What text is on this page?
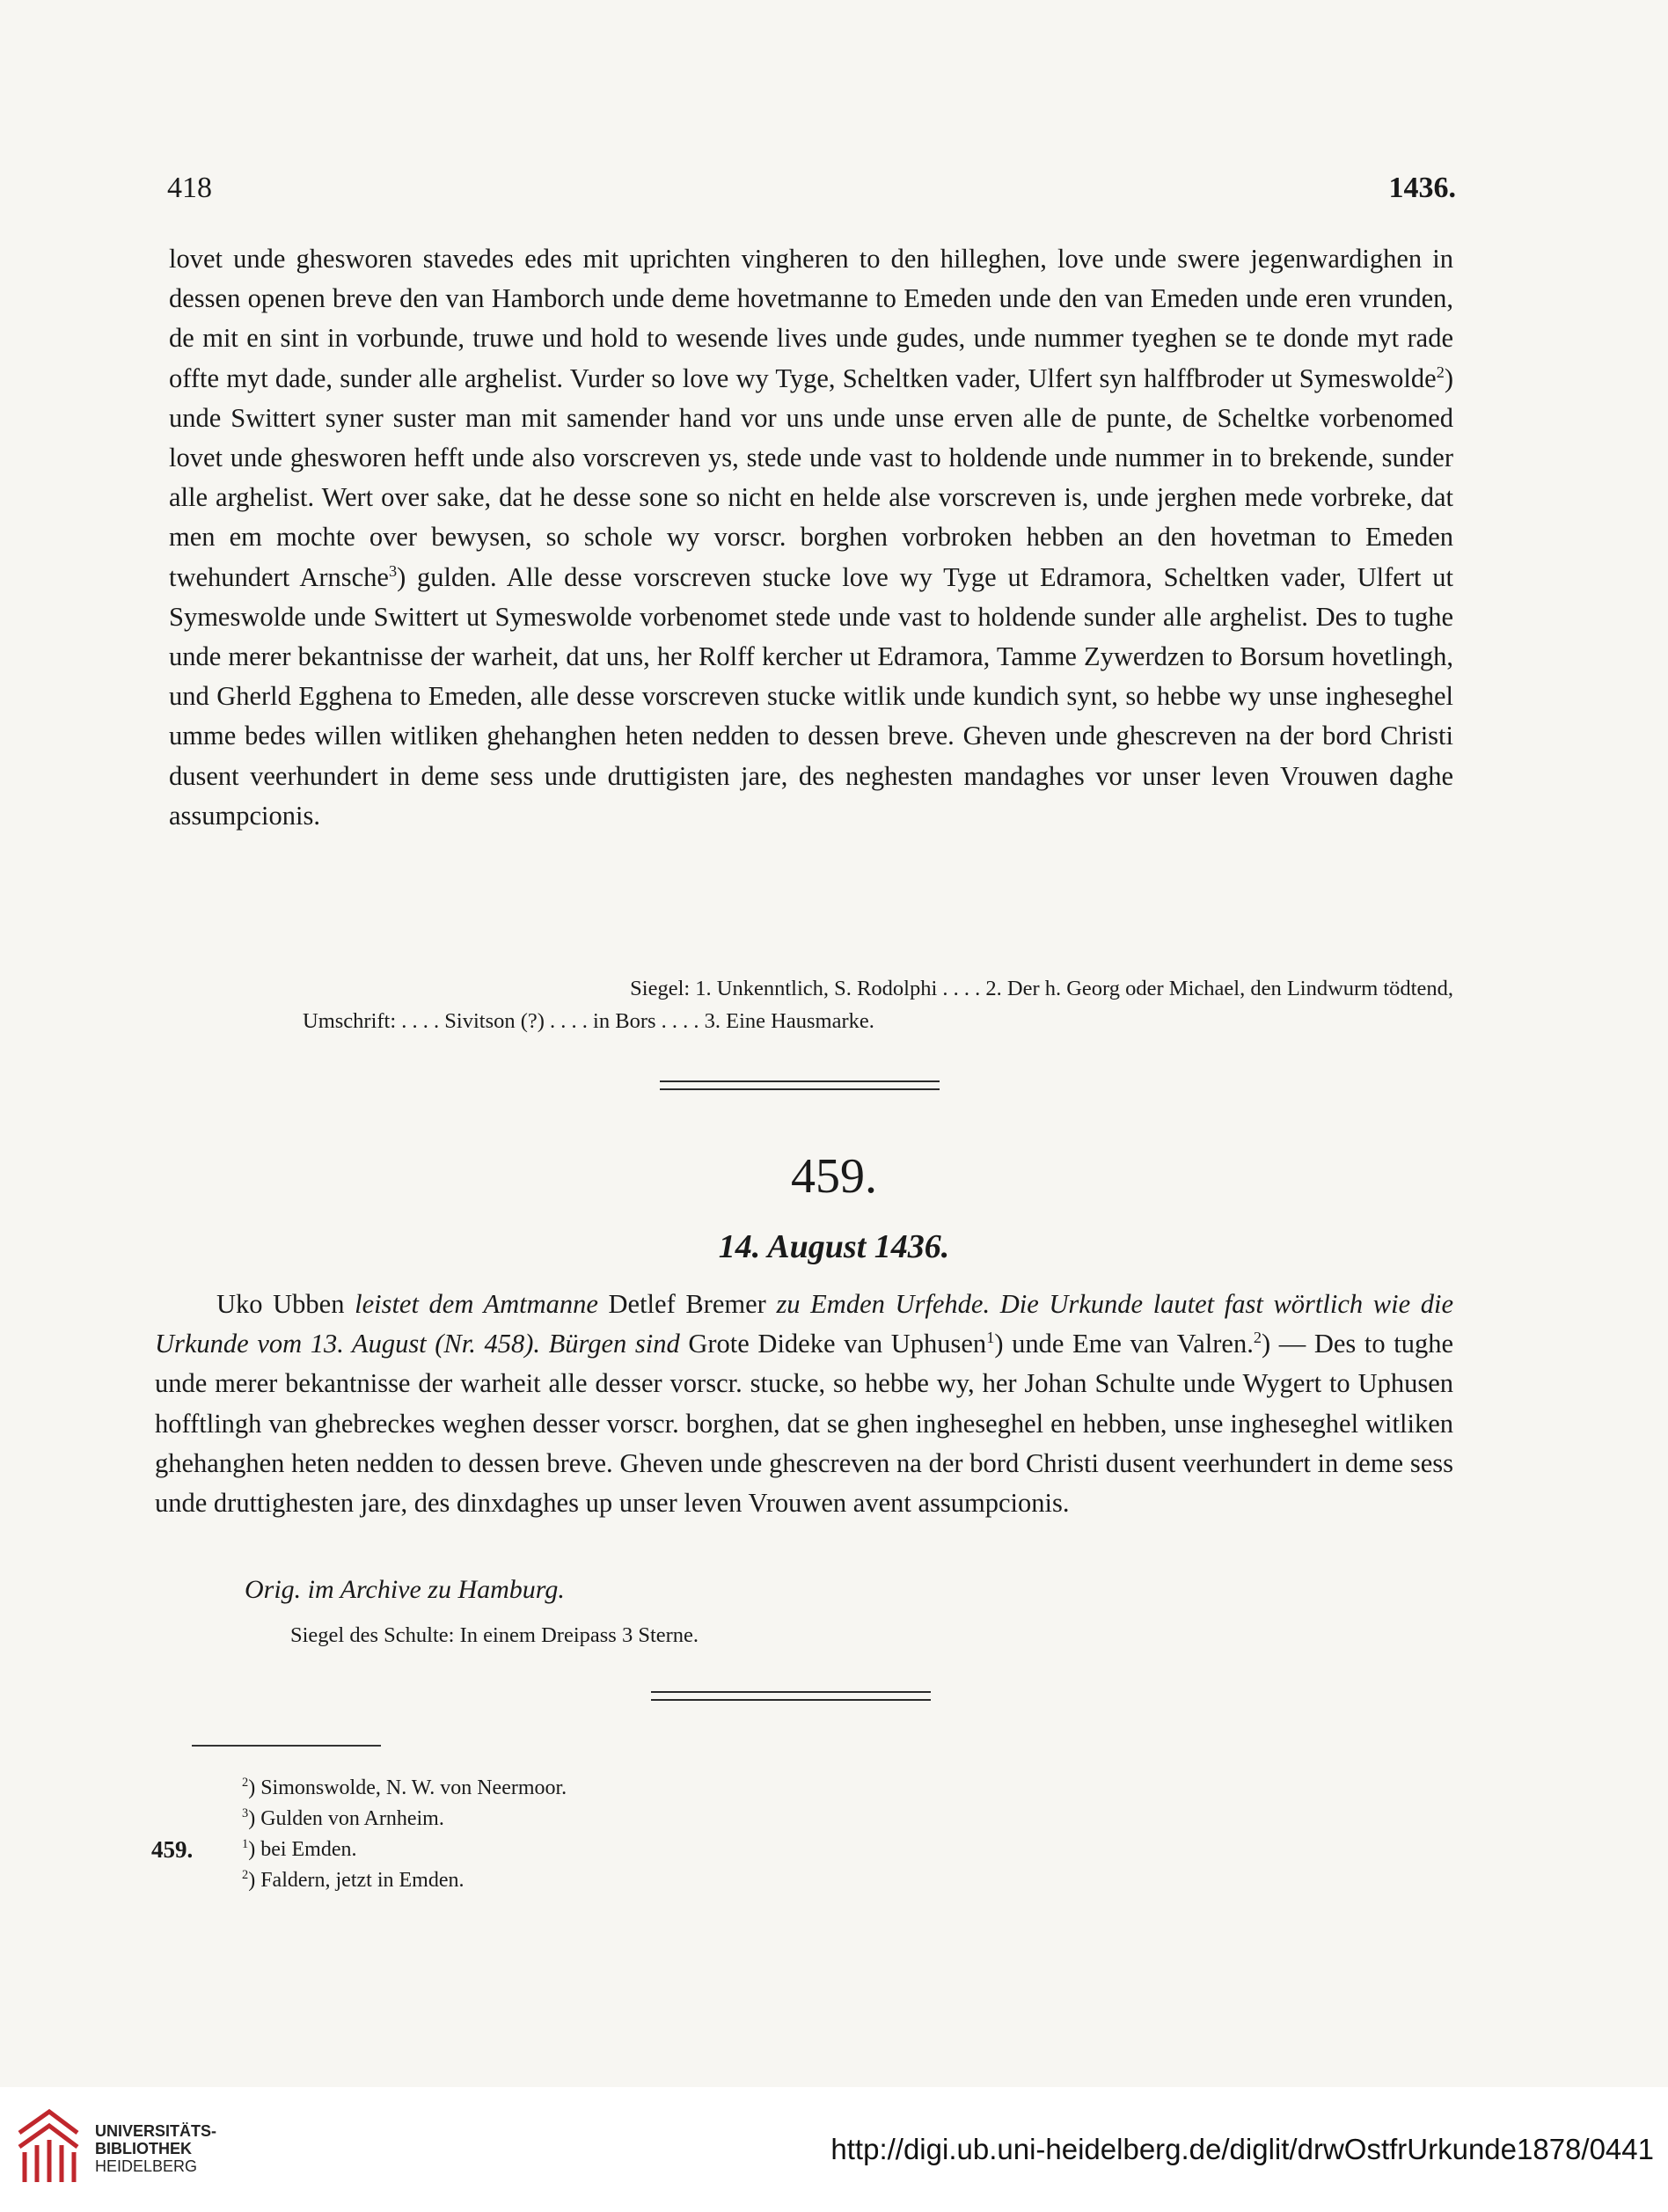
418	1436.

lovet unde ghesworen stavedes edes mit uprichten vingheren to den hilleghen, love unde swere jegenwardighen in dessen openen breve den van Hamborch unde deme hovetmanne to Emeden unde den van Emeden unde eren vrunden, de mit en sint in vorbunde, truwe und hold to wesende lives unde gudes, unde nummer tyeghen se te donde myt rade offte myt dade, sunder alle arghelist. Vurder so love wy Tyge, Scheltken vader, Ulfert syn halffbroder ut Symeswolde$^2$) unde Swittert syner suster man mit samender hand vor uns unde unse erven alle de punte, de Scheltke vorbenomed lovet unde ghesworen hefft unde also vorscreven ys, stede unde vast to holdende unde nummer in to brekende, sunder alle arghelist. Wert over sake, dat he desse sone so nicht en helde alse vorscreven is, unde jerghen mede vorbreke, dat men em mochte over bewysen, so schole wy vorscr. borghen vorbroken hebben an den hovetman to Emeden twehundert Arnsche$^3$) gulden. Alle desse vorscreven stucke love wy Tyge ut Edramora, Scheltken vader, Ulfert ut Symeswolde unde Swittert ut Symeswolde vorbenomet stede unde vast to holdende sunder alle arghelist. Des to tughe unde merer bekantnisse der warheit, dat uns, her Rolff kercher ut Edramora, Tamme Zywerdzen to Borsum hovetlingh, und Gherld Egghena to Emeden, alle desse vorscreven stucke witlik unde kundich synt, so hebbe wy unse ingheseghel umme bedes willen witliken ghehanghen heten nedden to dessen breve. Gheven unde ghescreven na der bord Christi dusent veerhundert in deme sess unde druttigisten jare, des neghesten mandaghes vor unser leven Vrouwen daghe assumpcionis.

Siegel: 1. Unkenntlich, S. Rodolphi . . . . 2. Der h. Georg oder Michael, den Lindwurm tödtend,
Umschrift: . . . . Sivitson (?) . . . . in Bors . . . . 3. Eine Hausmarke.
459.
14. August 1436.

Uko Ubben leistet dem Amtmanne Detlef Bremer zu Emden Urfehde. Die Urkunde lautet fast wörtlich wie die Urkunde vom 13. August (Nr. 458). Bürgen sind Grote Dideke van Uphusen$^1$) unde Eme van Valren.$^2$) — Des to tughe unde merer bekantnisse der warheit alle desser vorscr. stucke, so hebbe wy, her Johan Schulte unde Wygert to Uphusen hofftlingh van ghebreckes weghen desser vorscr. borghen, dat se ghen ingheseghel en hebben, unse ingheseghel witliken ghehanghen heten nedden to dessen breve. Gheven unde ghescreven na der bord Christi dusent veerhundert in deme sess unde druttighesten jare, des dinxdaghes up unser leven Vrouwen avent assumpcionis.

Orig. im Archive zu Hamburg.
Siegel des Schulte: In einem Dreipass 3 Sterne.
$^2$) Simonswolde, N. W. von Neermoor.
$^3$) Gulden von Arnheim.
459.	$^1$) bei Emden.
$^2$) Faldern, jetzt in Emden.
UNIVERSITÄTS-
BIBLIOTHEK
HEIDELBERG
http://digi.ub.uni-heidelberg.de/diglit/drwOstfrUrkunde1878/0441
